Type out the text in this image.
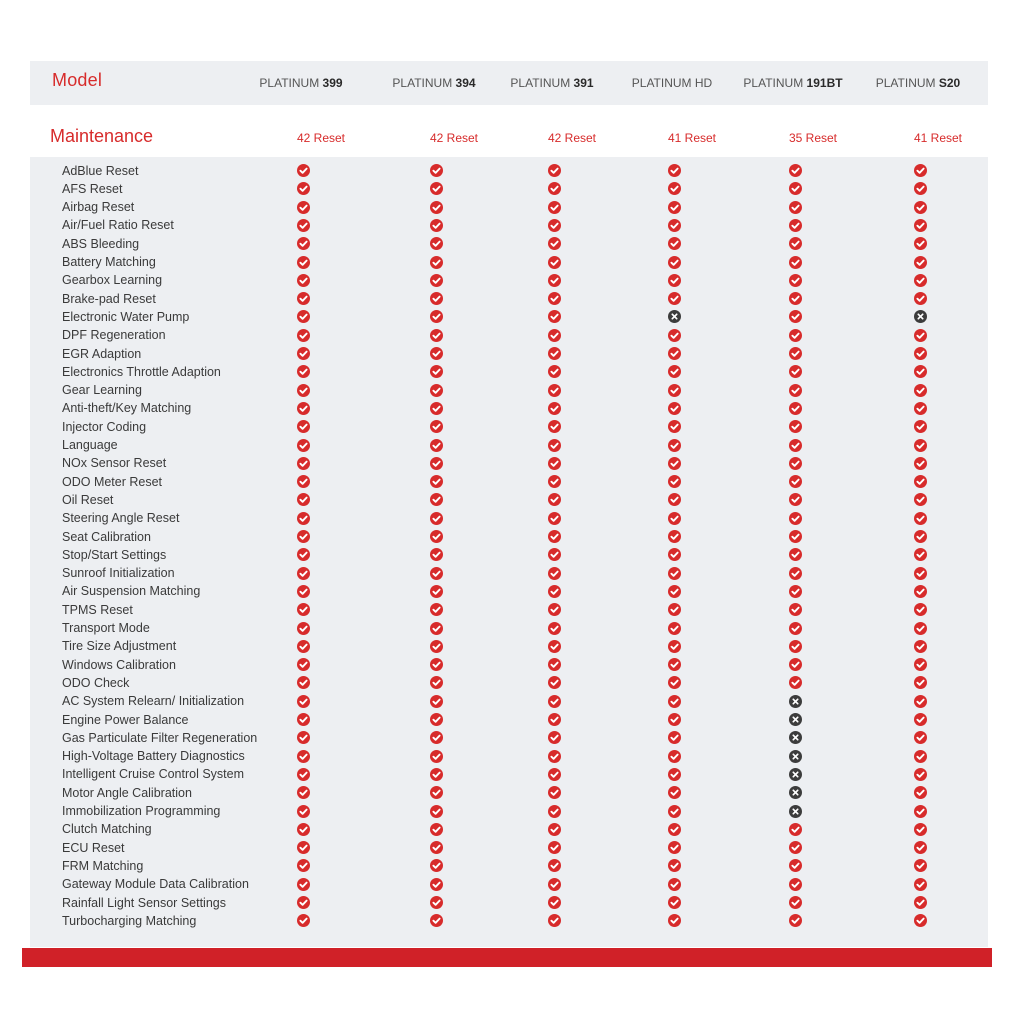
Model
Maintenance
PLATINUM 399
42 Reset
PLATINUM 394
42 Reset
PLATINUM 391
42 Reset
PLATINUM HD
41 Reset
PLATINUM 191BT
35 Reset
PLATINUM S20
41 Reset
AdBlue Reset
AFS Reset
Airbag Reset
Air/Fuel Ratio Reset
ABS Bleeding
Battery Matching
Gearbox Learning
Brake-pad Reset
Electronic Water Pump
DPF Regeneration
EGR Adaption
Electronics Throttle Adaption
Gear Learning
Anti-theft/Key Matching
Injector Coding
Language
NOx Sensor Reset
ODO Meter Reset
Oil Reset
Steering Angle Reset
Seat Calibration
Stop/Start Settings
Sunroof Initialization
Air Suspension Matching
TPMS Reset
Transport Mode
Tire Size Adjustment
Windows Calibration
ODO Check
AC System Relearn/ Initialization
Engine Power Balance
Gas Particulate Filter Regeneration
High-Voltage Battery Diagnostics
Intelligent Cruise Control System
Motor Angle Calibration
Immobilization Programming
Clutch Matching
ECU Reset
FRM Matching
Gateway Module Data Calibration
Rainfall Light Sensor Settings
Turbocharging Matching
